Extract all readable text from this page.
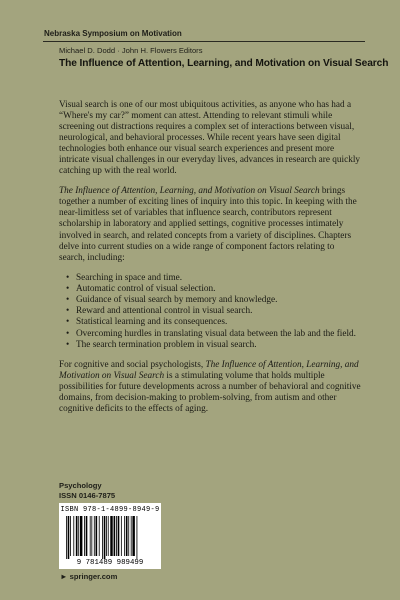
Nebraska Symposium on Motivation
Michael D. Dodd · John H. Flowers Editors
The Influence of Attention, Learning, and Motivation on Visual Search

Visual search is one of our most ubiquitous activities, as anyone who has had a “Where's my car?” moment can attest. Attending to relevant stimuli while screening out distractions requires a complex set of interactions between visual, neurological, and behavioral processes. While recent years have seen digital technologies both enhance our visual search experiences and present more intricate visual challenges in our everyday lives, advances in research are quickly catching up with the real world.

The Influence of Attention, Learning, and Motivation on Visual Search brings together a number of exciting lines of inquiry into this topic. In keeping with the near-limitless set of variables that influence search, contributors represent scholarship in laboratory and applied settings, cognitive processes intimately involved in search, and related concepts from a variety of disciplines. Chapters delve into current studies on a wide range of component factors relating to search, including:

• Searching in space and time.
• Automatic control of visual selection.
• Guidance of visual search by memory and knowledge.
• Reward and attentional control in visual search.
• Statistical learning and its consequences.
• Overcoming hurdles in translating visual data between the lab and the field.
• The search termination problem in visual search.

For cognitive and social psychologists, The Influence of Attention, Learning, and Motivation on Visual Search is a stimulating volume that holds multiple possibilities for future developments across a number of behavioral and cognitive domains, from decision-making to problem-solving, from autism and other cognitive deficits to the effects of aging.

Psychology
ISSN 0146-7875
ISBN 978-1-4899-8949-9
9 781489 989499
► springer.com
